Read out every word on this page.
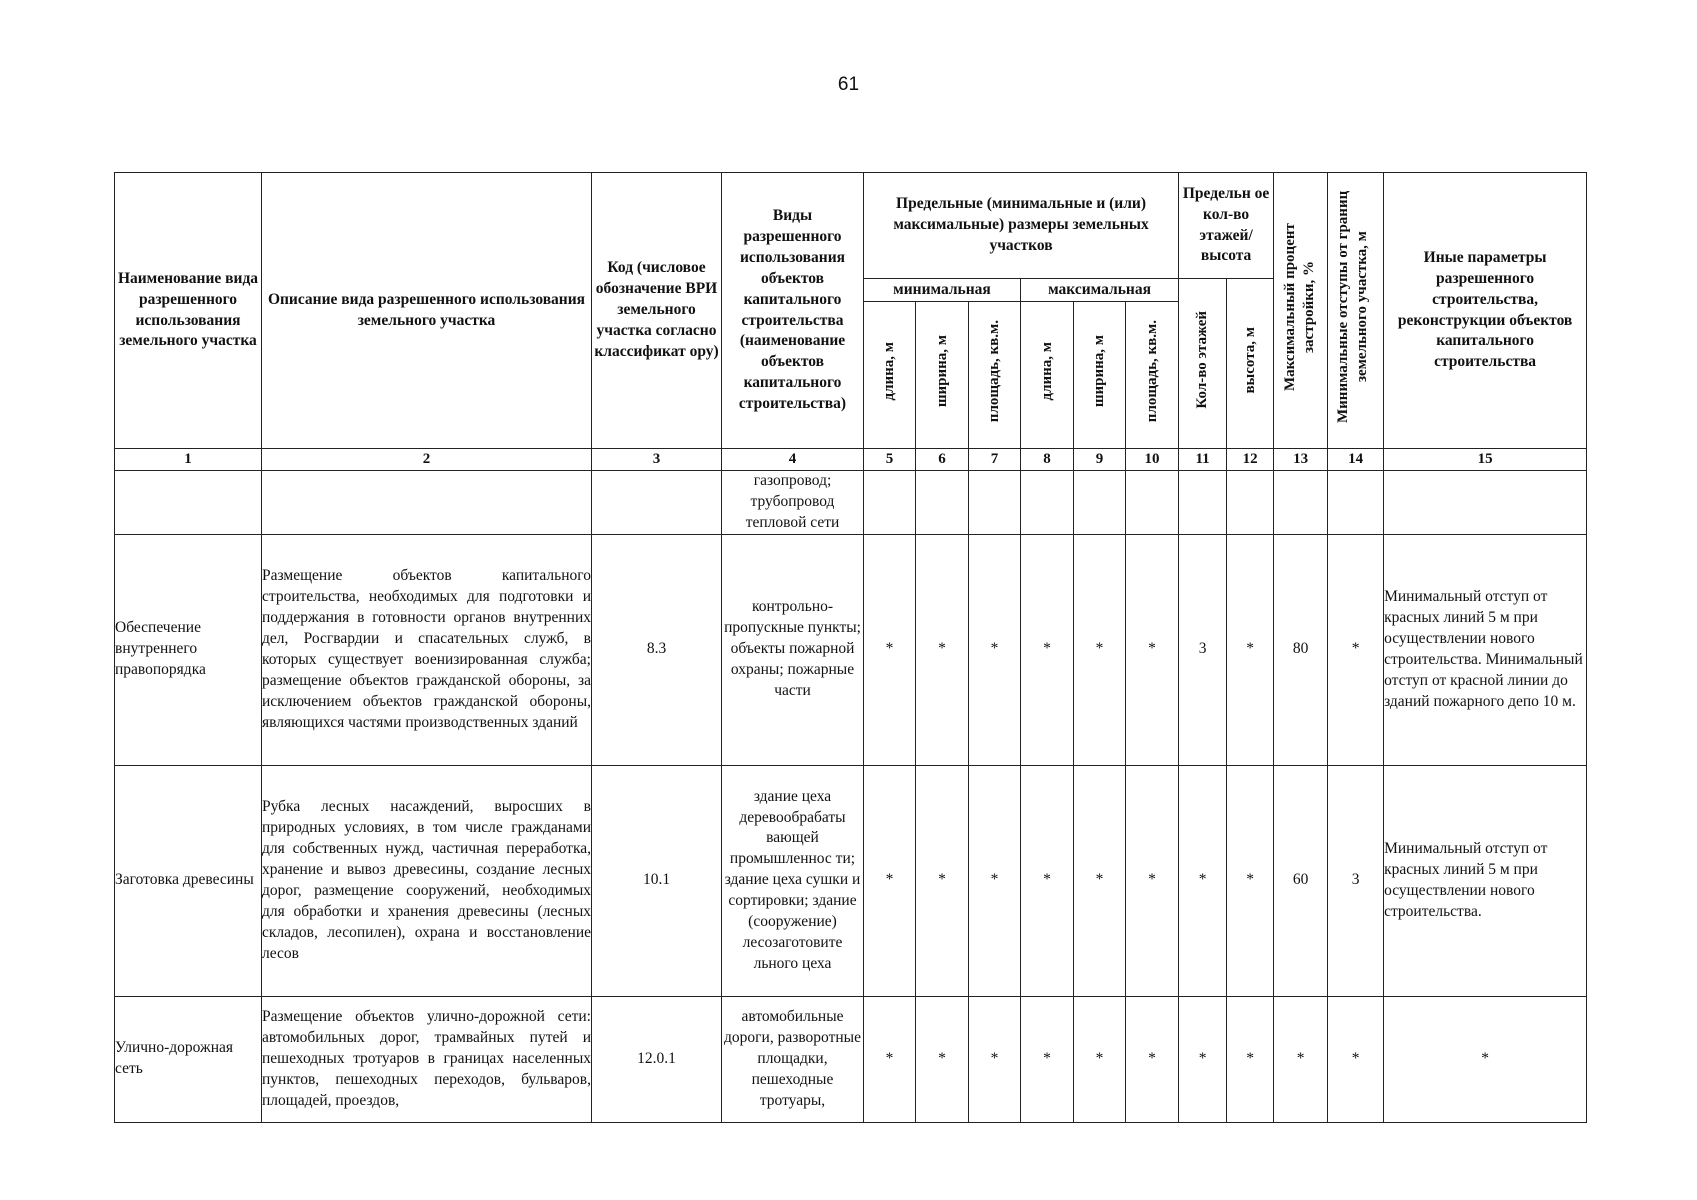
61
Наименование вида разрешенного использования земельного участка	Описание вида разрешенного использования земельного участка	Код (числовое обозначение ВРИ земельного участка согласно классификат ору)	Виды разрешенного использования объектов капитального строительства (наименование объектов капитального строительства)	Предельные (минимальные и (или) максимальные) размеры земельных участков						Предельн ое кол-во этажей/ высота		Максимальный процент застройки, %	Минимальные отступы от границ земельного участка, м	Иные параметры разрешенного строительства, реконструкции объектов капитального строительства
				минимальная			максимальная			Кол-во этажей	высота, м			
				длина, м	ширина, м	площадь, кв.м.	длина, м	ширина, м	площадь, кв.м.					
1	2	3	4	5	6	7	8	9	10	11	12	13	14	15
			газопровод; трубопровод тепловой сети											
Обеспечение внутреннего правопорядка	Размещение объектов капитального строительства, необходимых для подготовки и поддержания в готовности органов внутренних дел, Росгвардии и спасательных служб, в которых существует военизированная служба; размещение объектов гражданской обороны, за исключением объектов гражданской обороны, являющихся частями производственных зданий	8.3	контрольно-пропускные пункты; объекты пожарной охраны; пожарные части	*	*	*	*	*	*	3	*	80	*	Минимальный отступ от красных линий 5 м при осуществлении нового строительства. Минимальный отступ от красной линии до зданий пожарного депо 10 м.
Заготовка древесины	Рубка лесных насаждений, выросших в природных условиях, в том числе гражданами для собственных нужд, частичная переработка, хранение и вывоз древесины, создание лесных дорог, размещение сооружений, необходимых для обработки и хранения древесины (лесных складов, лесопилен), охрана и восстановление лесов	10.1	здание цеха деревообрабаты вающей промышленнос ти; здание цеха сушки и сортировки; здание (сооружение) лесозаготовите льного цеха	*	*	*	*	*	*	*	*	60	3	Минимальный отступ от красных линий 5 м при осуществлении нового строительства.
Улично-дорожная сеть	Размещение объектов улично-дорожной сети: автомобильных дорог, трамвайных путей и пешеходных тротуаров в границах населенных пунктов, пешеходных переходов, бульваров, площадей, проездов,	12.0.1	автомобильные дороги, разворотные площадки, пешеходные тротуары,	*	*	*	*	*	*	*	*	*	*	*
